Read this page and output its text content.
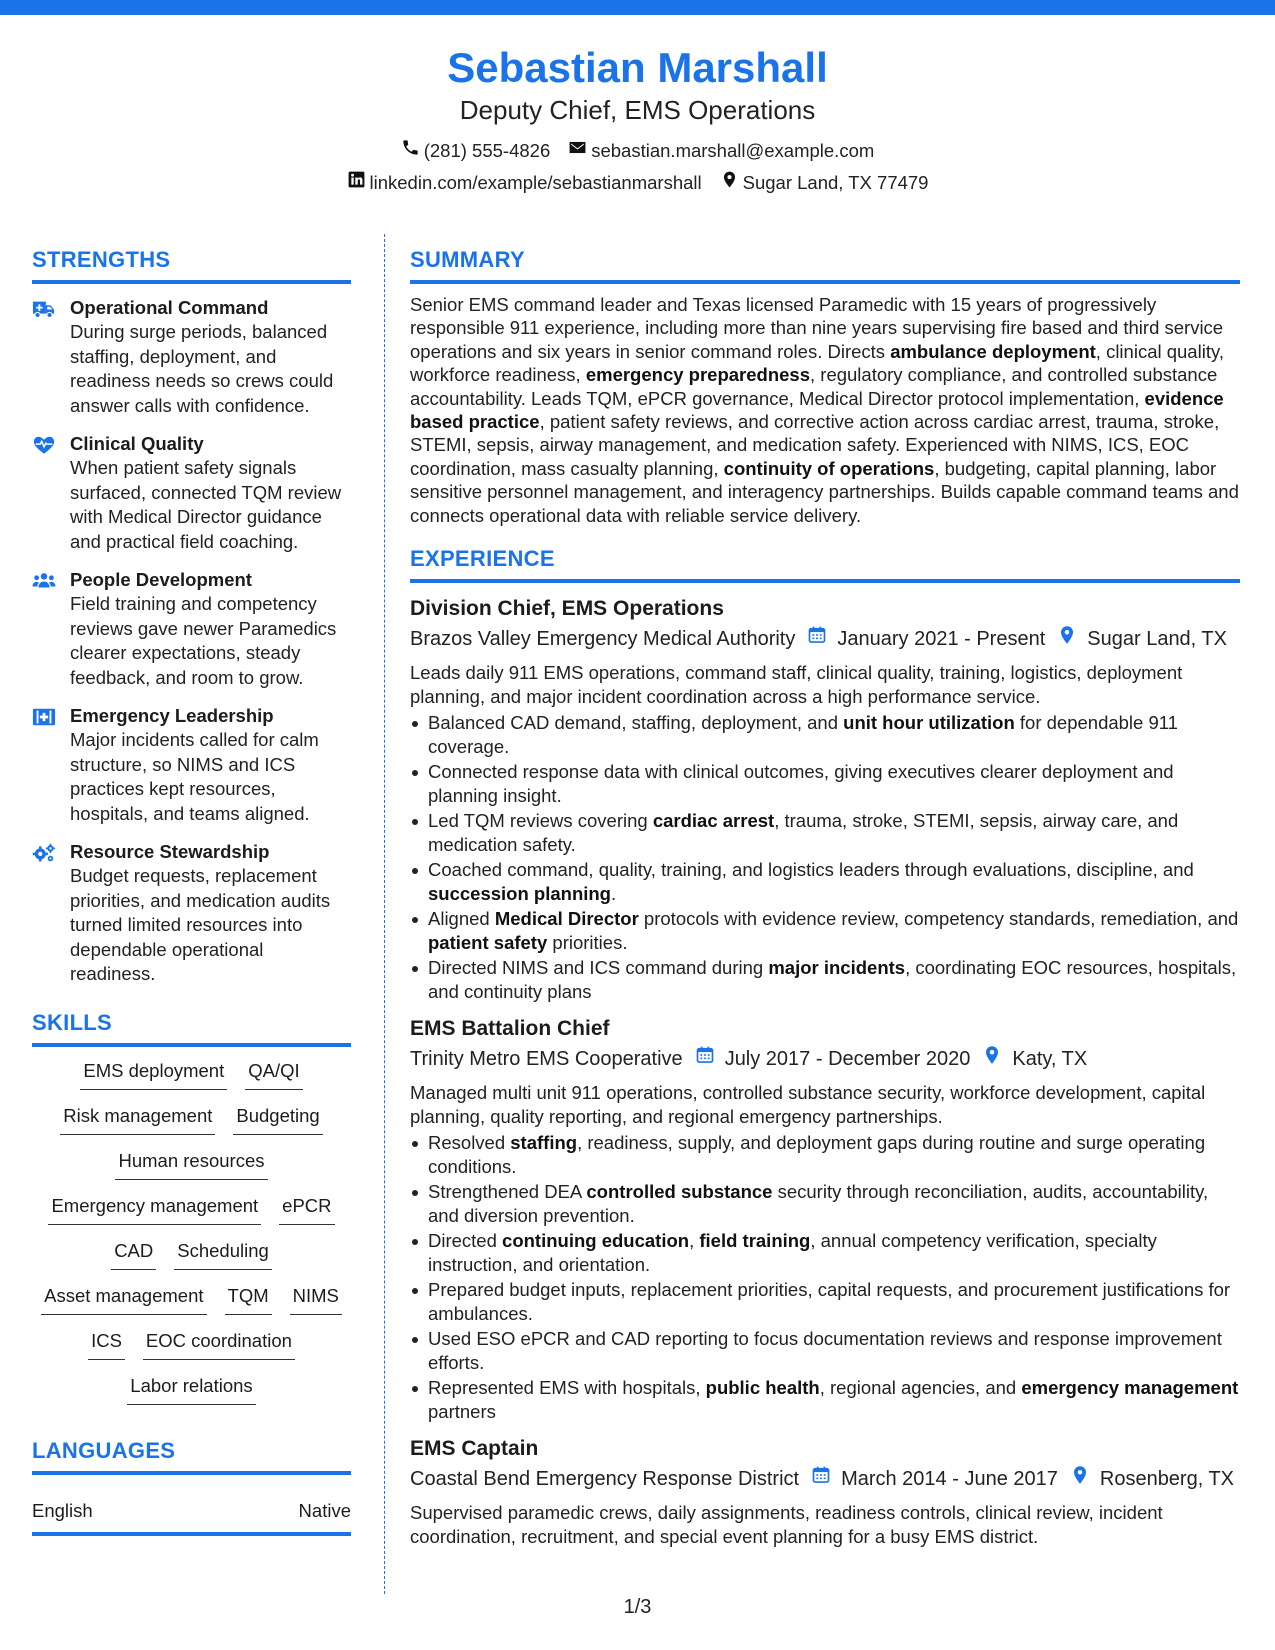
Sebastian Marshall
Deputy Chief, EMS Operations
(281) 555-4826 sebastian.marshall@example.com
linkedin.com/example/sebastianmarshall Sugar Land, TX 77479
STRENGTHS
Operational Command
During surge periods, balanced staffing, deployment, and readiness needs so crews could answer calls with confidence.
Clinical Quality
When patient safety signals surfaced, connected TQM review with Medical Director guidance and practical field coaching.
People Development
Field training and competency reviews gave newer Paramedics clearer expectations, steady feedback, and room to grow.
Emergency Leadership
Major incidents called for calm structure, so NIMS and ICS practices kept resources, hospitals, and teams aligned.
Resource Stewardship
Budget requests, replacement priorities, and medication audits turned limited resources into dependable operational readiness.
SKILLS
EMS deployment QA/QI
Risk management Budgeting
Human resources
Emergency management ePCR
CAD Scheduling
Asset management TQM NIMS
ICS EOC coordination
Labor relations
LANGUAGES
English	Native
SUMMARY
Senior EMS command leader and Texas licensed Paramedic with 15 years of progressively responsible 911 experience, including more than nine years supervising fire based and third service operations and six years in senior command roles. Directs ambulance deployment, clinical quality, workforce readiness, emergency preparedness, regulatory compliance, and controlled substance accountability. Leads TQM, ePCR governance, Medical Director protocol implementation, evidence based practice, patient safety reviews, and corrective action across cardiac arrest, trauma, stroke, STEMI, sepsis, airway management, and medication safety. Experienced with NIMS, ICS, EOC coordination, mass casualty planning, continuity of operations, budgeting, capital planning, labor sensitive personnel management, and interagency partnerships. Builds capable command teams and connects operational data with reliable service delivery.
EXPERIENCE
Division Chief, EMS Operations
Brazos Valley Emergency Medical Authority January 2021 - Present Sugar Land, TX
Leads daily 911 EMS operations, command staff, clinical quality, training, logistics, deployment planning, and major incident coordination across a high performance service.
Balanced CAD demand, staffing, deployment, and unit hour utilization for dependable 911 coverage.
Connected response data with clinical outcomes, giving executives clearer deployment and planning insight.
Led TQM reviews covering cardiac arrest, trauma, stroke, STEMI, sepsis, airway care, and medication safety.
Coached command, quality, training, and logistics leaders through evaluations, discipline, and succession planning.
Aligned Medical Director protocols with evidence review, competency standards, remediation, and patient safety priorities.
Directed NIMS and ICS command during major incidents, coordinating EOC resources, hospitals, and continuity plans
EMS Battalion Chief
Trinity Metro EMS Cooperative July 2017 - December 2020 Katy, TX
Managed multi unit 911 operations, controlled substance security, workforce development, capital planning, quality reporting, and regional emergency partnerships.
Resolved staffing, readiness, supply, and deployment gaps during routine and surge operating conditions.
Strengthened DEA controlled substance security through reconciliation, audits, accountability, and diversion prevention.
Directed continuing education, field training, annual competency verification, specialty instruction, and orientation.
Prepared budget inputs, replacement priorities, capital requests, and procurement justifications for ambulances.
Used ESO ePCR and CAD reporting to focus documentation reviews and response improvement efforts.
Represented EMS with hospitals, public health, regional agencies, and emergency management partners
EMS Captain
Coastal Bend Emergency Response District March 2014 - June 2017 Rosenberg, TX
Supervised paramedic crews, daily assignments, readiness controls, clinical review, incident coordination, recruitment, and special event planning for a busy EMS district.
1/3
